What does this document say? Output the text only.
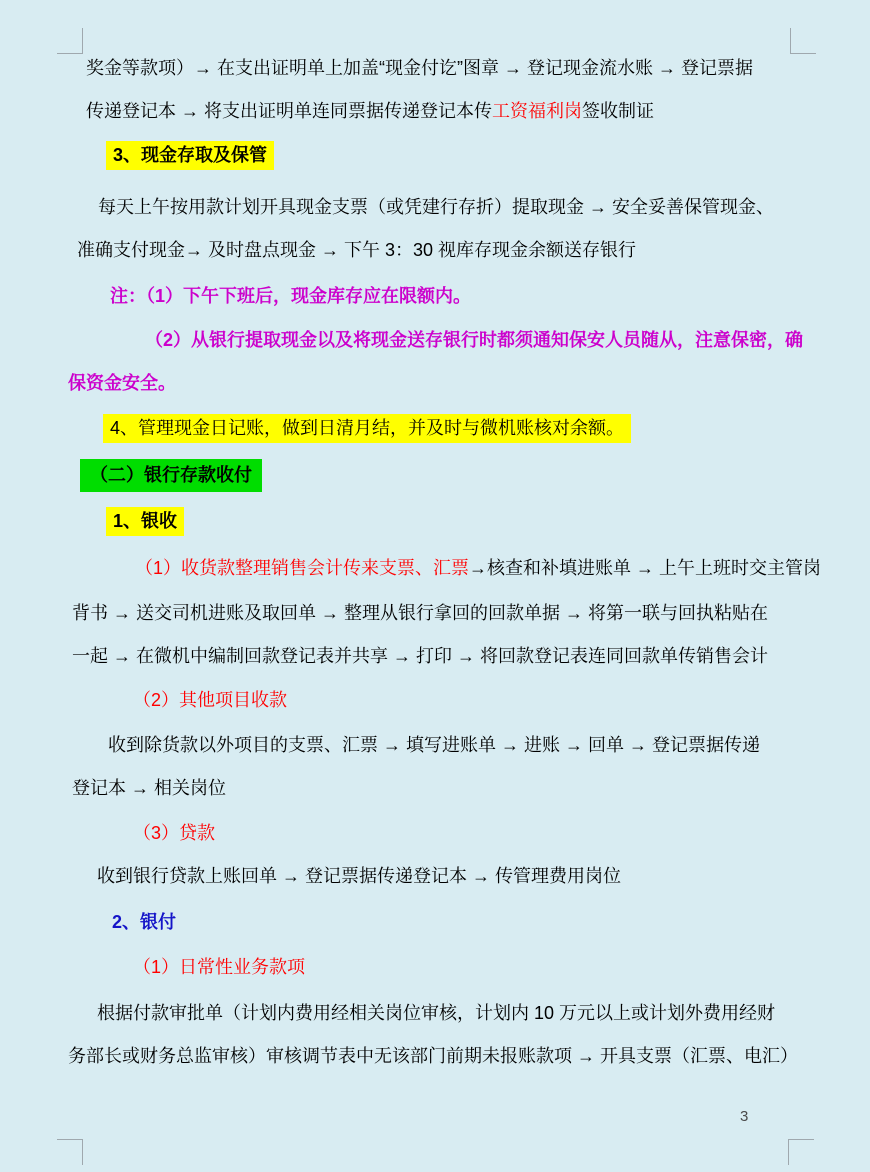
奖金等款项）→ 在支出证明单上加盖“现金付讫”图章 → 登记现金流水账 → 登记票据
传递登记本 → 将支出证明单连同票据传递登记本传工资福利岗签收制证
3、现金存取及保管
每天上午按用款计划开具现金支票（或凭建行存折）提取现金 → 安全妥善保管现金、
准确支付现金→ 及时盘点现金 → 下午 3：30 视库存现金余额送存银行
注：（1）下午下班后，现金库存应在限额内。
（2）从银行提取现金以及将现金送存银行时都须通知保安人员随从，注意保密，确
保资金安全。
4、管理现金日记账，做到日清月结，并及时与微机账核对余额。
（二）银行存款收付
1、银收
（1）收货款整理销售会计传来支票、汇票→核查和补填进账单 → 上午上班时交主管岗
背书 → 送交司机进账及取回单 → 整理从银行拿回的回款单据 → 将第一联与回执粘贴在
一起 → 在微机中编制回款登记表并共享 → 打印 → 将回款登记表连同回款单传销售会计
（2）其他项目收款
收到除货款以外项目的支票、汇票 → 填写进账单 → 进账 → 回单 → 登记票据传递
登记本 → 相关岗位
（3）贷款
收到银行贷款上账回单 → 登记票据传递登记本 → 传管理费用岗位
2、银付
（1）日常性业务款项
根据付款审批单（计划内费用经相关岗位审核，计划内 10 万元以上或计划外费用经财
务部长或财务总监审核）审核调节表中无该部门前期未报账款项 → 开具支票（汇票、电汇）
3
